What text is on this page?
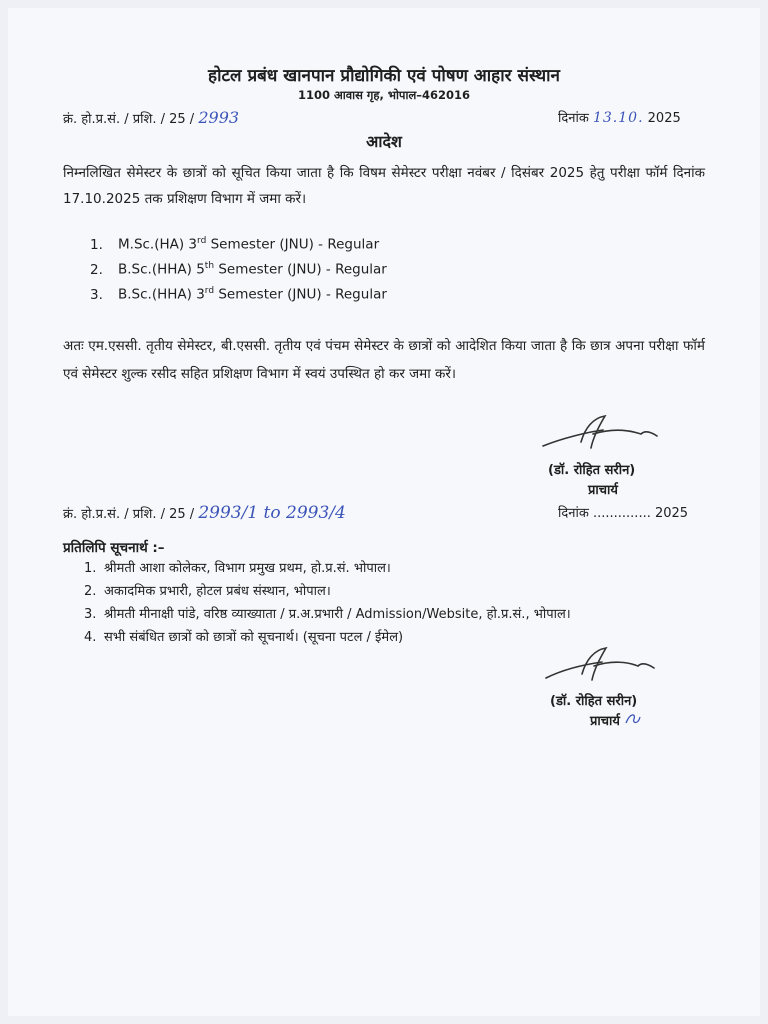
होटल प्रबंध खानपान प्रौद्योगिकी एवं पोषण आहार संस्थान
1100 आवास गृह, भोपाल–462016
क्रं. हो.प्र.सं. / प्रशि. / 25 / 2993	दिनांक 13.10. 2025
आदेश
निम्नलिखित सेमेस्टर के छात्रों को सूचित किया जाता है कि विषम सेमेस्टर परीक्षा नवंबर / दिसंबर 2025 हेतु परीक्षा फॉर्म दिनांक 17.10.2025 तक प्रशिक्षण विभाग में जमा करें।
1. M.Sc.(HA) 3rd Semester (JNU) - Regular
2. B.Sc.(HHA) 5th Semester (JNU) - Regular
3. B.Sc.(HHA) 3rd Semester (JNU) - Regular
अतः एम.एससी. तृतीय सेमेस्टर, बी.एससी. तृतीय एवं पंचम सेमेस्टर के छात्रों को आदेशित किया जाता है कि छात्र अपना परीक्षा फॉर्म एवं सेमेस्टर शुल्क रसीद सहित प्रशिक्षण विभाग में स्वयं उपस्थित हो कर जमा करें।
(डॉ. रोहित सरीन)
प्राचार्य
क्रं. हो.प्र.सं. / प्रशि. / 25 / 2993/1 to 2993/4	दिनांक .............. 2025
प्रतिलिपि सूचनार्थ :–
1. श्रीमती आशा कोलेकर, विभाग प्रमुख प्रथम, हो.प्र.सं. भोपाल।
2. अकादमिक प्रभारी, होटल प्रबंध संस्थान, भोपाल।
3. श्रीमती मीनाक्षी पांडे, वरिष्ठ व्याख्याता / प्र.अ.प्रभारी / Admission/Website, हो.प्र.सं., भोपाल।
4. सभी संबंधित छात्रों को छात्रों को सूचनार्थ। (सूचना पटल / ईमेल)
(डॉ. रोहित सरीन)
प्राचार्य
